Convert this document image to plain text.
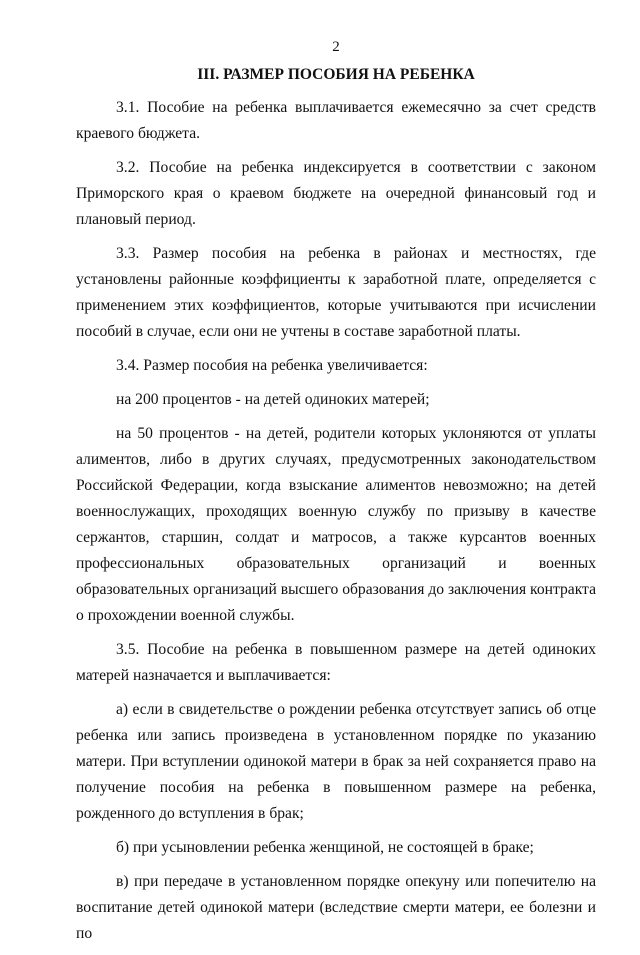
2
III. РАЗМЕР ПОСОБИЯ НА РЕБЕНКА

3.1. Пособие на ребенка выплачивается ежемесячно за счет средств краевого бюджета.

3.2. Пособие на ребенка индексируется в соответствии с законом Приморского края о краевом бюджете на очередной финансовый год и плановый период.

3.3. Размер пособия на ребенка в районах и местностях, где установлены районные коэффициенты к заработной плате, определяется с применением этих коэффициентов, которые учитываются при исчислении пособий в случае, если они не учтены в составе заработной платы.

3.4. Размер пособия на ребенка увеличивается:

на 200 процентов - на детей одиноких матерей;

на 50 процентов - на детей, родители которых уклоняются от уплаты алиментов, либо в других случаях, предусмотренных законодательством Российской Федерации, когда взыскание алиментов невозможно; на детей военнослужащих, проходящих военную службу по призыву в качестве сержантов, старшин, солдат и матросов, а также курсантов военных профессиональных образовательных организаций и военных образовательных организаций высшего образования до заключения контракта о прохождении военной службы.

3.5. Пособие на ребенка в повышенном размере на детей одиноких матерей назначается и выплачивается:

а) если в свидетельстве о рождении ребенка отсутствует запись об отце ребенка или запись произведена в установленном порядке по указанию матери. При вступлении одинокой матери в брак за ней сохраняется право на получение пособия на ребенка в повышенном размере на ребенка, рожденного до вступления в брак;

б) при усыновлении ребенка женщиной, не состоящей в браке;

в) при передаче в установленном порядке опекуну или попечителю на воспитание детей одинокой матери (вследствие смерти матери, ее болезни и по
